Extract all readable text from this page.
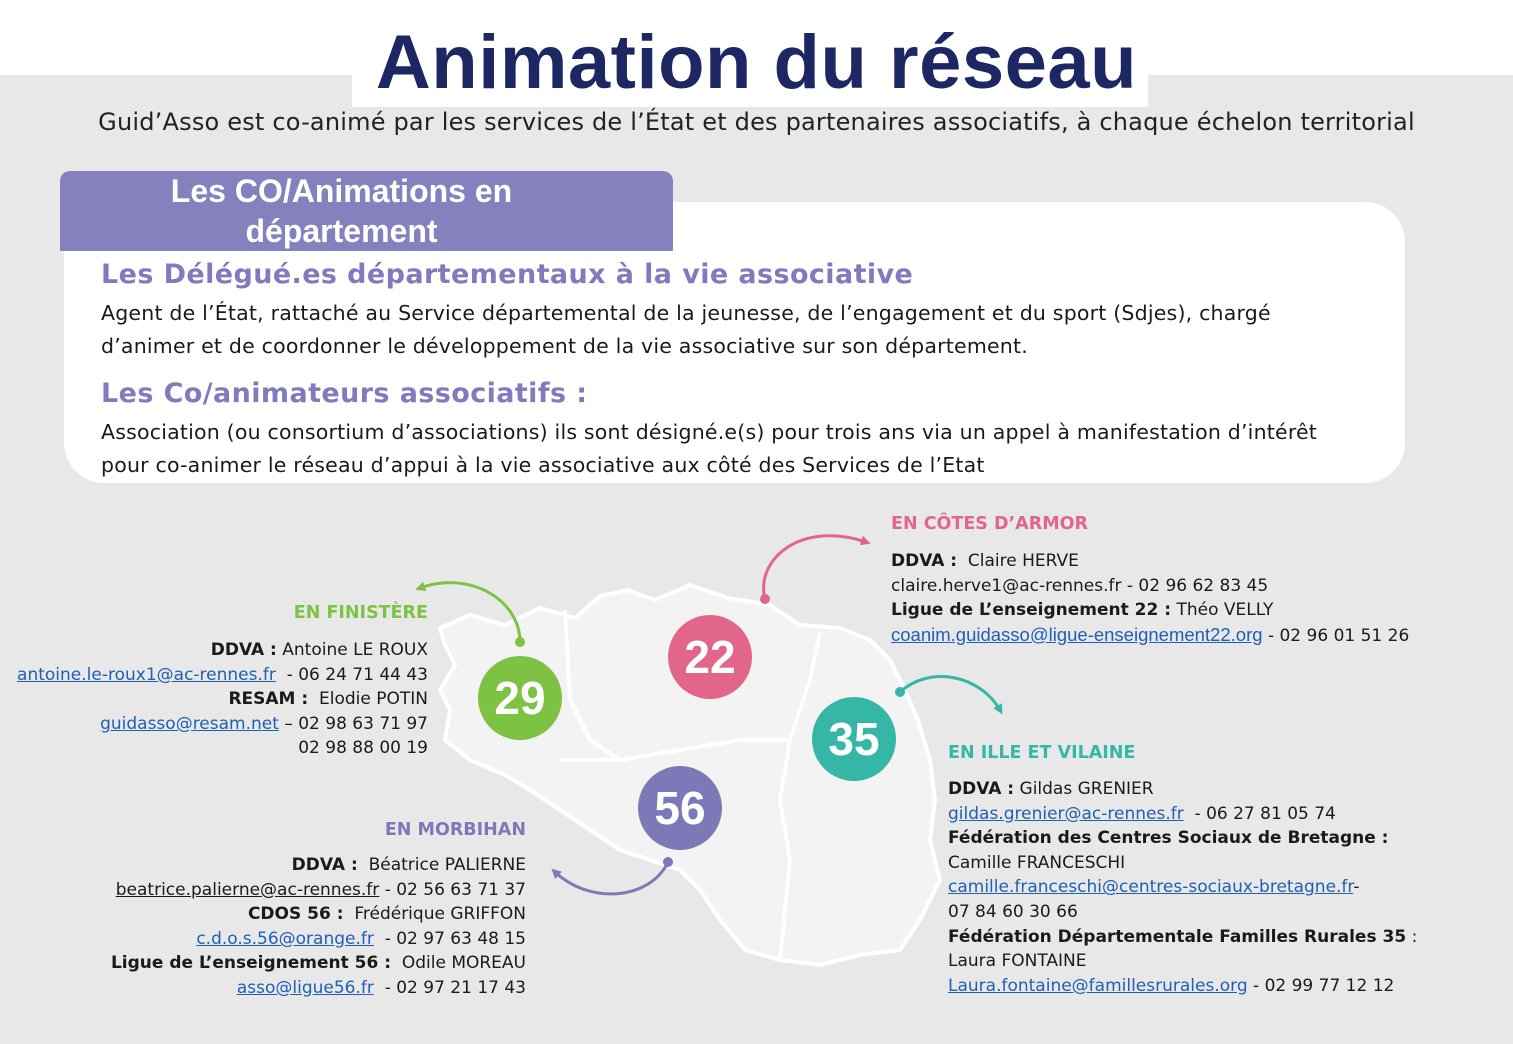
Animation du réseau
Guid’Asso est co-animé par les services de l’État et des partenaires associatifs, à chaque échelon territorial
Les CO/Animations en
département
Les Délégué.es départementaux à la vie associative
Agent de l’État, rattaché au Service départemental de la jeunesse, de l’engagement et du sport (Sdjes), chargé
d’animer et de coordonner le développement de la vie associative sur son département.
Les Co/animateurs associatifs :
Association (ou consortium d’associations) ils sont désigné.e(s) pour trois ans via un appel à manifestation d’intérêt
pour co-animer le réseau d’appui à la vie associative aux côté des Services de l’Etat
29
22
35
56
EN FINISTÈRE
DDVA : Antoine LE ROUX
antoine.le-roux1@ac-rennes.fr - 06 24 71 44 43
RESAM : Elodie POTIN
guidasso@resam.net – 02 98 63 71 97
02 98 88 00 19
EN CÔTES D’ARMOR
DDVA : Claire HERVE
claire.herve1@ac-rennes.fr - 02 96 62 83 45
Ligue de L’enseignement 22 : Théo VELLY
coanim.guidasso@ligue-enseignement22.org - 02 96 01 51 26
EN ILLE ET VILAINE
DDVA : Gildas GRENIER
gildas.grenier@ac-rennes.fr - 06 27 81 05 74
Fédération des Centres Sociaux de Bretagne :
Camille FRANCESCHI
camille.franceschi@centres-sociaux-bretagne.fr-
07 84 60 30 66
Fédération Départementale Familles Rurales 35 :
Laura FONTAINE
Laura.fontaine@famillesrurales.org - 02 99 77 12 12
EN MORBIHAN
DDVA : Béatrice PALIERNE
beatrice.palierne@ac-rennes.fr - 02 56 63 71 37
CDOS 56 : Frédérique GRIFFON
c.d.o.s.56@orange.fr - 02 97 63 48 15
Ligue de L’enseignement 56 : Odile MOREAU
asso@ligue56.fr - 02 97 21 17 43
